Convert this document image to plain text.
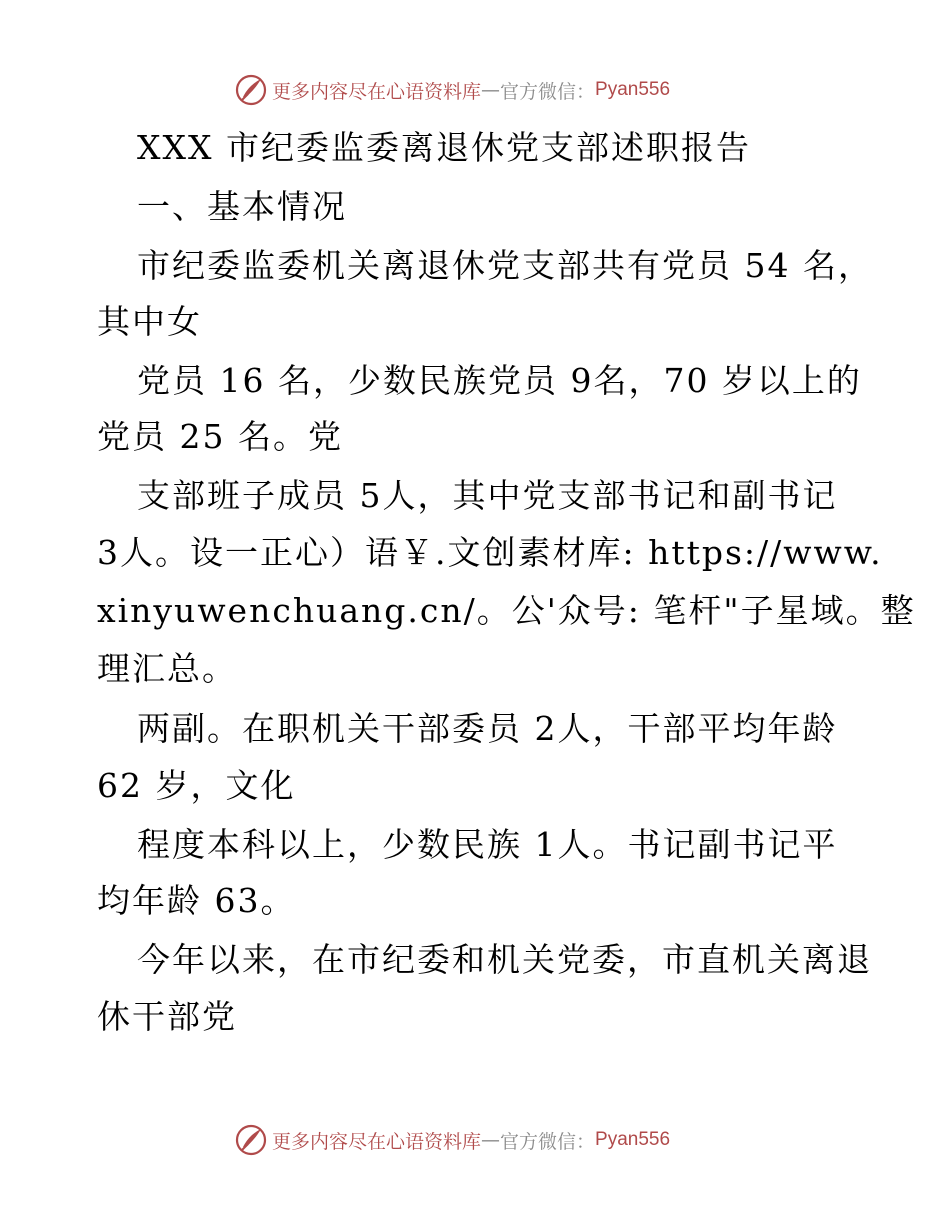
更多内容尽在心语资料库 — 官方微信： Pyan556
XXX 市纪委监委离退休党支部述职报告
一、基本情况
市纪委监委机关离退休党支部共有党员 54 名，
其中女
党员 16 名，少数民族党员 9名，70 岁以上的
党员 25 名。党
支部班子成员 5人，其中党支部书记和副书记
3人。设一正心）语￥.文创素材库: https://www.
xinyuwenchuang.cn/。公'众号: 笔杆"子星域。整
理汇总。
两副。在职机关干部委员 2人，干部平均年龄
62 岁，文化
程度本科以上，少数民族 1人。书记副书记平
均年龄 63。
今年以来，在市纪委和机关党委，市直机关离退
休干部党
更多内容尽在心语资料库 — 官方微信： Pyan556
